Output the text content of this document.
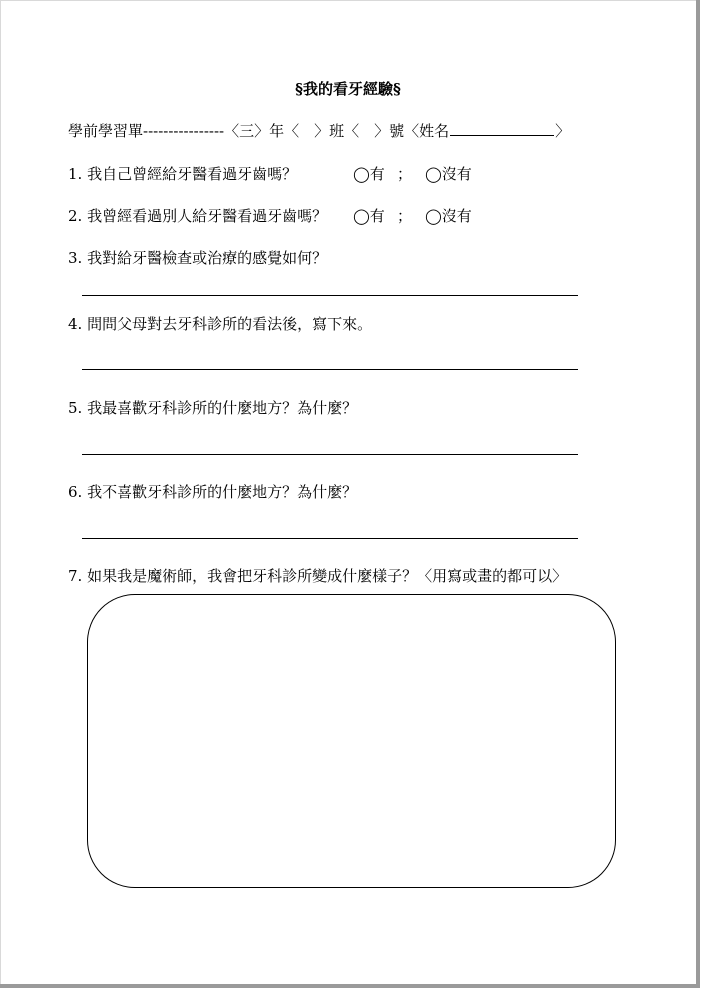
§我的看牙經驗§
學前學習單----------------〈三〉年〈　〉班〈　〉號〈姓名	〉
1. 我自己曾經給牙醫看過牙齒嗎？	◯有 ； ◯沒有
2. 我曾經看過別人給牙醫看過牙齒嗎？ ◯有 ； ◯沒有
3. 我對給牙醫檢查或治療的感覺如何？
4. 問問父母對去牙科診所的看法後，寫下來。
5. 我最喜歡牙科診所的什麼地方？為什麼？
6. 我不喜歡牙科診所的什麼地方？為什麼？
7. 如果我是魔術師，我會把牙科診所變成什麼樣子？〈用寫或畫的都可以〉
